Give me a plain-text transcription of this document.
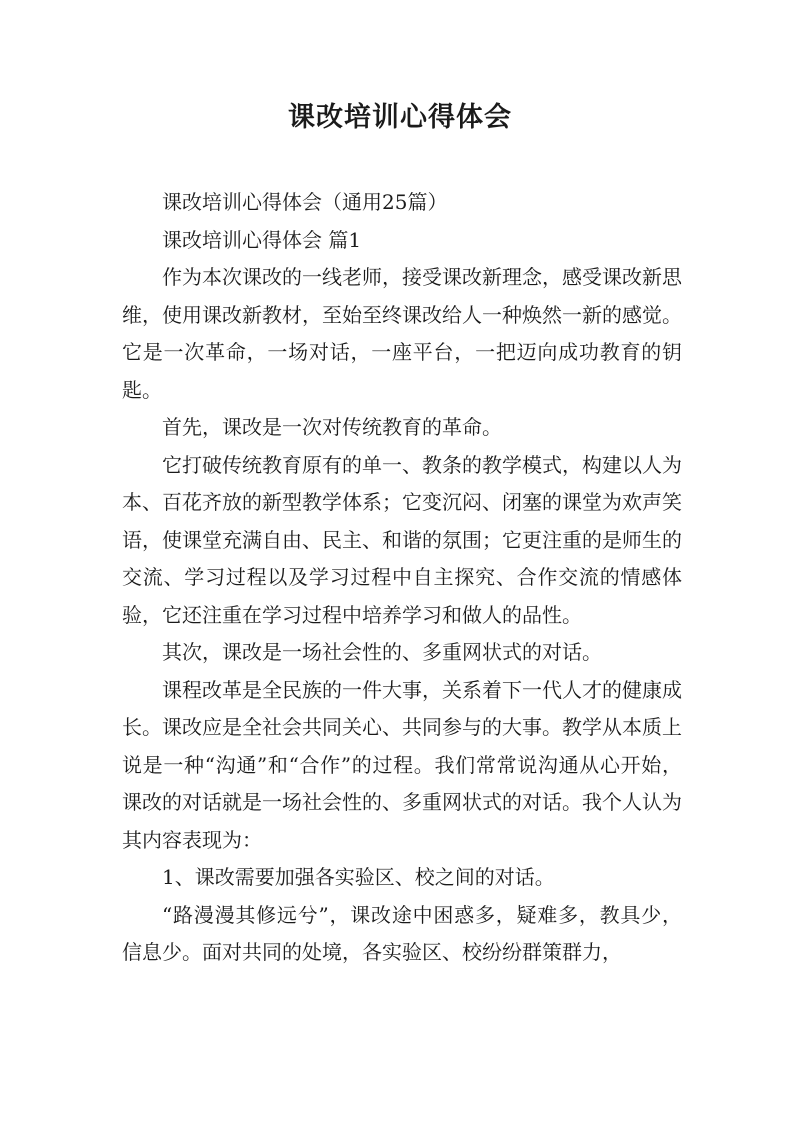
课改培训心得体会

课改培训心得体会（通用25篇）

课改培训心得体会 篇1

作为本次课改的一线老师，接受课改新理念，感受课改新思维，使用课改新教材，至始至终课改给人一种焕然一新的感觉。它是一次革命，一场对话，一座平台，一把迈向成功教育的钥匙。

首先，课改是一次对传统教育的革命。

它打破传统教育原有的单一、教条的教学模式，构建以人为本、百花齐放的新型教学体系；它变沉闷、闭塞的课堂为欢声笑语，使课堂充满自由、民主、和谐的氛围；它更注重的是师生的交流、学习过程以及学习过程中自主探究、合作交流的情感体验，它还注重在学习过程中培养学习和做人的品性。

其次，课改是一场社会性的、多重网状式的对话。

课程改革是全民族的一件大事，关系着下一代人才的健康成长。课改应是全社会共同关心、共同参与的大事。教学从本质上说是一种“沟通”和“合作”的过程。我们常常说沟通从心开始，课改的对话就是一场社会性的、多重网状式的对话。我个人认为其内容表现为：

1、课改需要加强各实验区、校之间的对话。

“路漫漫其修远兮”，课改途中困惑多，疑难多，教具少，信息少。面对共同的处境，各实验区、校纷纷群策群力，
